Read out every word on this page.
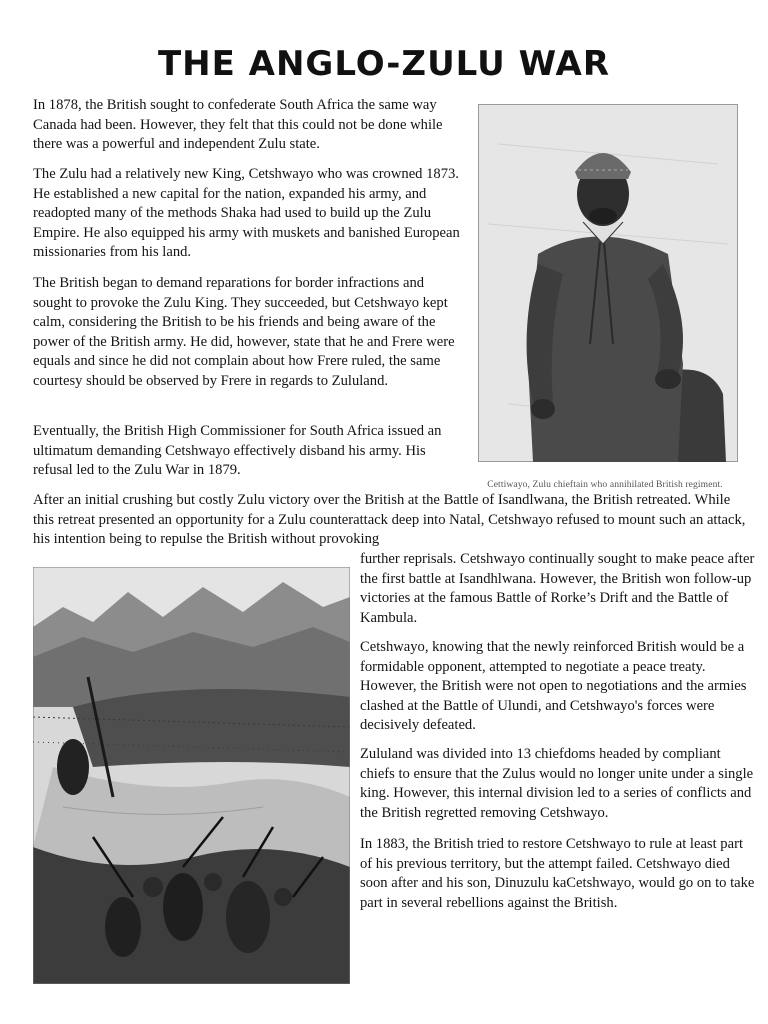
THE ANGLO-ZULU WAR

In 1878, the British sought to confederate South Africa the same way Canada had been. However, they felt that this could not be done while there was a powerful and independent Zulu state.

The Zulu had a relatively new King, Cetshwayo who was crowned 1873. He established a new capital for the nation, expanded his army, and readopted many of the methods Shaka had used to build up the Zulu Empire. He also equipped his army with muskets and banished European missionaries from his land.

The British began to demand reparations for border infractions and sought to provoke the Zulu King. They succeeded, but Cetshwayo kept calm, considering the British to be his friends and being aware of the power of the British army. He did, however, state that he and Frere were equals and since he did not complain about how Frere ruled, the same courtesy should be observed by Frere in regards to Zululand.

Eventually, the British High Commissioner for South Africa issued an ultimatum demanding Cetshwayo effectively disband his army. His refusal led to the Zulu War in 1879.

After an initial crushing but costly Zulu victory over the British at the Battle of Isandlwana, the British retreated. While this retreat presented an opportunity for a Zulu counterattack deep into Natal, Cetshwayo refused to mount such an attack, his intention being to repulse the British without provoking

further reprisals. Cetshwayo continually sought to make peace after the first battle at Isandhlwana. However, the British won follow-up victories at the famous Battle of Rorke’s Drift and the Battle of Kambula.

Cetshwayo, knowing that the newly reinforced British would be a formidable opponent, attempted to negotiate a peace treaty. However, the British were not open to negotiations and the armies clashed at the Battle of Ulundi, and Cetshwayo's forces were decisively defeated.

Zululand was divided into 13 chiefdoms headed by compliant chiefs to ensure that the Zulus would no longer unite under a single king. However, this internal division led to a series of conflicts and the British regretted removing Cetshwayo.

In 1883, the British tried to restore Cetshwayo to rule at least part of his previous territory, but the attempt failed. Cetshwayo died soon after and his son, Dinuzulu kaCetshwayo, would go on to take part in several rebellions against the British.

Cettiwayo, Zulu chieftain who annihilated British regiment.
